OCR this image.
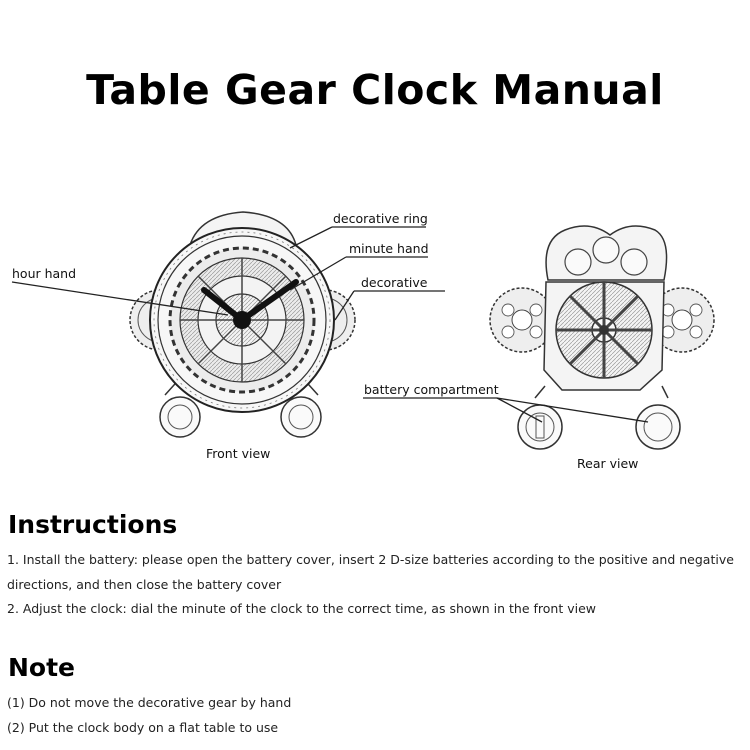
Table Gear Clock Manual
hour hand
decorative ring
minute hand
decorative
Front view
battery compartment
Rear view
Instructions
1. Install the battery: please open the battery cover, insert 2 D-size batteries according to the positive and negative
directions, and then close the battery cover
2. Adjust the clock: dial the minute of the clock to the correct time, as shown in the front view
Note
(1) Do not move the decorative gear by hand
(2) Put the clock body on a flat table to use
